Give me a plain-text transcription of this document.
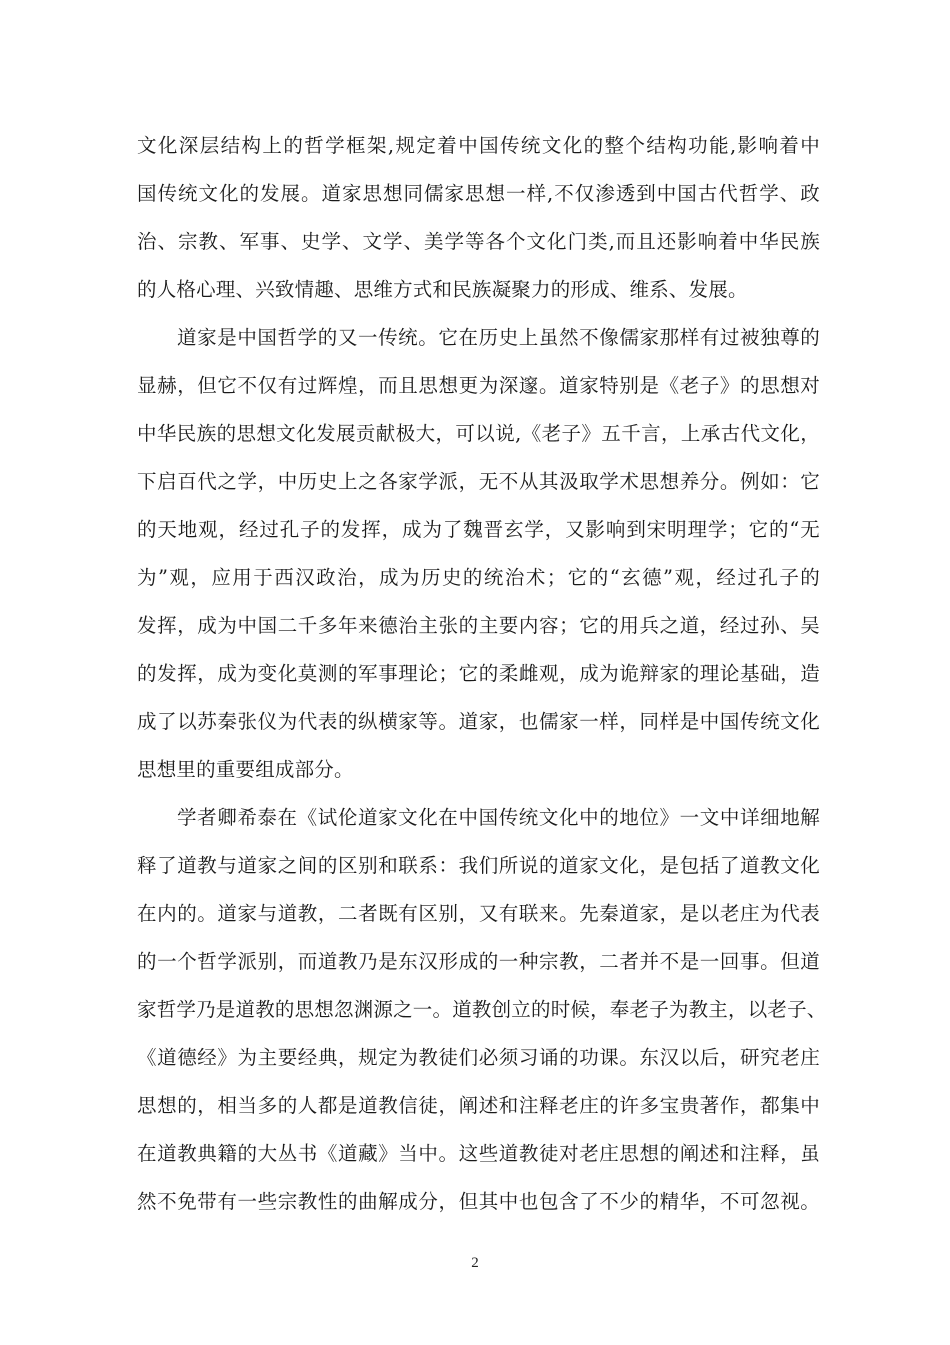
文化深层结构上的哲学框架,规定着中国传统文化的整个结构功能,影响着中
国传统文化的发展。道家思想同儒家思想一样,不仅渗透到中国古代哲学、政
治、宗教、军事、史学、文学、美学等各个文化门类,而且还影响着中华民族
的人格心理、兴致情趣、思维方式和民族凝聚力的形成、维系、发展。
道家是中国哲学的又一传统。它在历史上虽然不像儒家那样有过被独尊的
显赫，但它不仅有过辉煌，而且思想更为深邃。道家特别是《老子》的思想对
中华民族的思想文化发展贡献极大，可以说,《老子》五千言，上承古代文化，
下启百代之学，中历史上之各家学派，无不从其汲取学术思想养分。例如：它
的天地观，经过孔子的发挥，成为了魏晋玄学，又影响到宋明理学；它的“无
为”观，应用于西汉政治，成为历史的统治术；它的“玄德”观，经过孔子的
发挥，成为中国二千多年来德治主张的主要内容；它的用兵之道，经过孙、吴
的发挥，成为变化莫测的军事理论；它的柔雌观，成为诡辩家的理论基础，造
成了以苏秦张仪为代表的纵横家等。道家，也儒家一样，同样是中国传统文化
思想里的重要组成部分。
学者卿希泰在《试伦道家文化在中国传统文化中的地位》一文中详细地解
释了道教与道家之间的区别和联系：我们所说的道家文化，是包括了道教文化
在内的。道家与道教，二者既有区别，又有联来。先秦道家，是以老庄为代表
的一个哲学派别，而道教乃是东汉形成的一种宗教，二者并不是一回事。但道
家哲学乃是道教的思想忽渊源之一。道教创立的时候，奉老子为教主，以老子、
《道德经》为主要经典，规定为教徒们必须习诵的功课。东汉以后，研究老庄
思想的，相当多的人都是道教信徒，阐述和注释老庄的许多宝贵著作，都集中
在道教典籍的大丛书《道藏》当中。这些道教徒对老庄思想的阐述和注释，虽
然不免带有一些宗教性的曲解成分，但其中也包含了不少的精华，不可忽视。
2
